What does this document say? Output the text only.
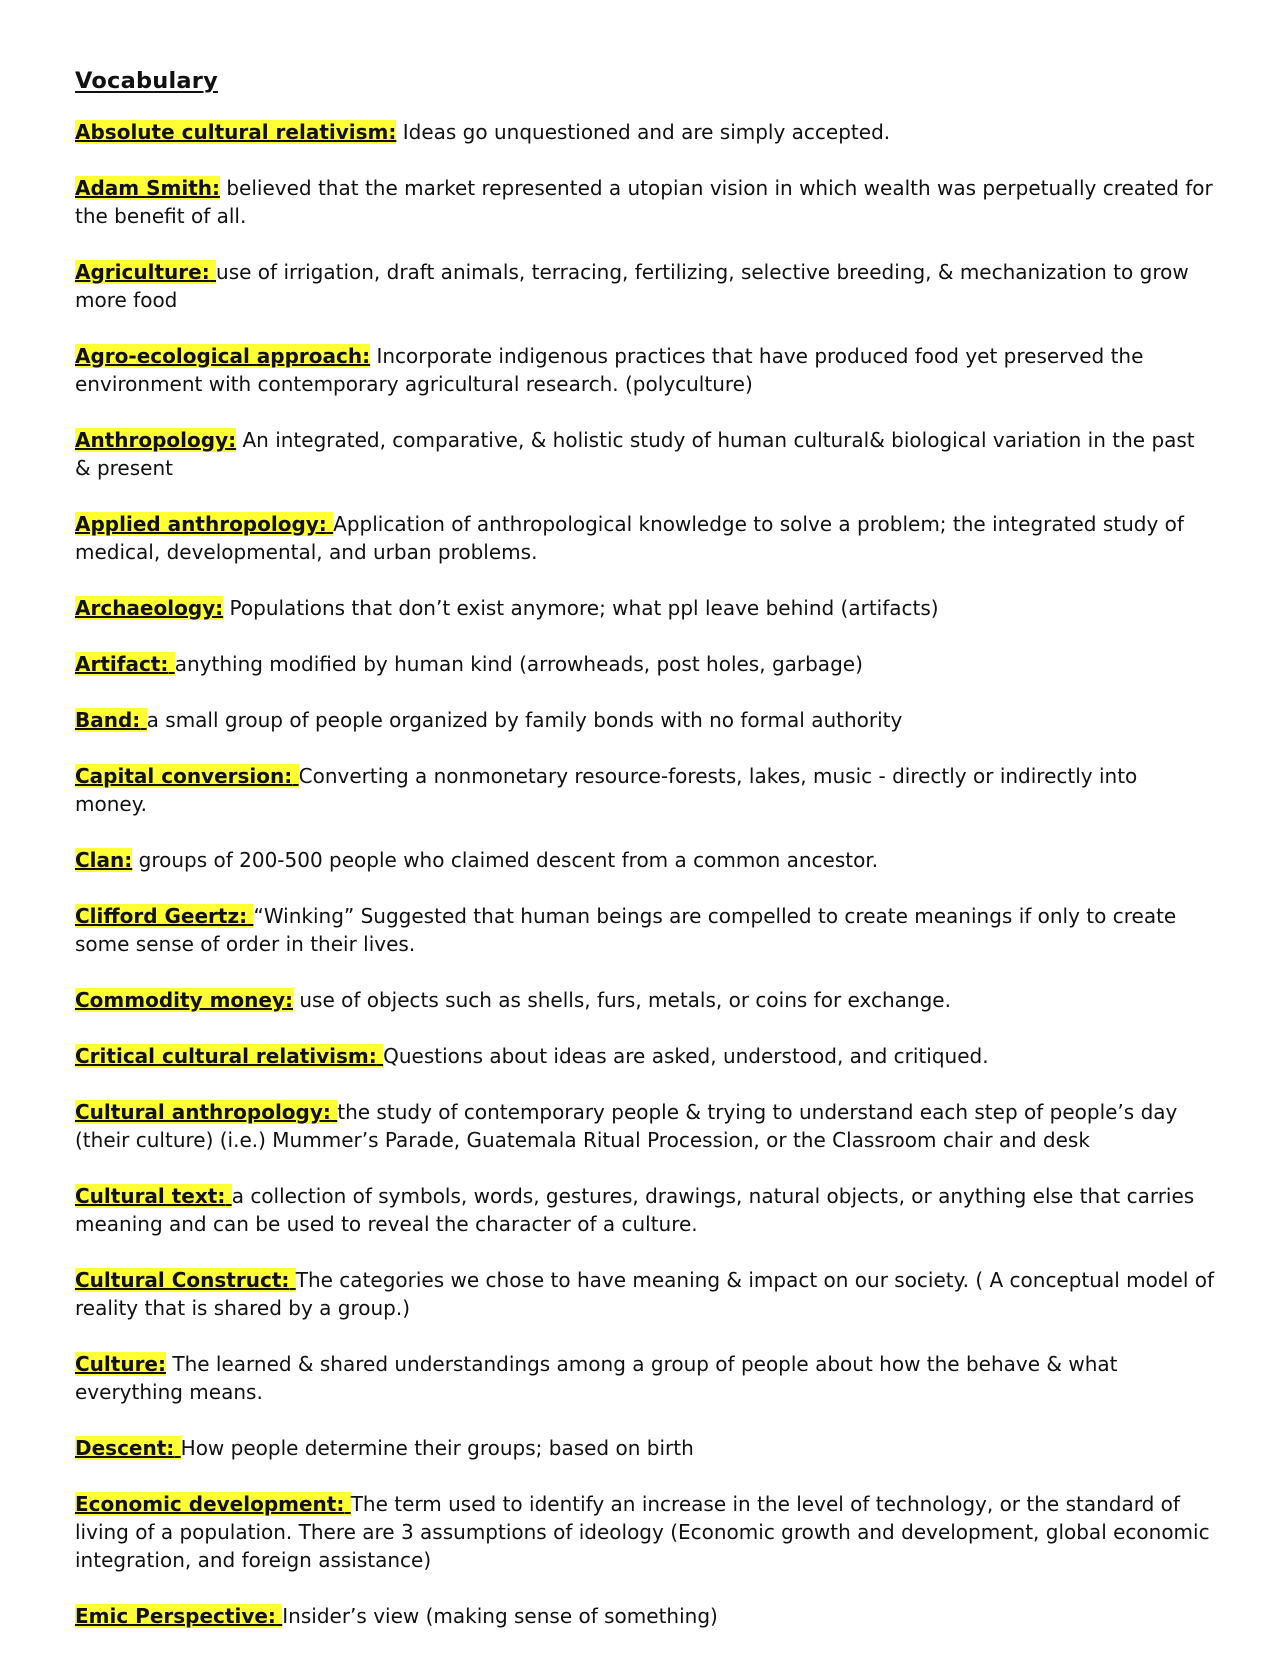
Vocabulary
Absolute cultural relativism: Ideas go unquestioned and are simply accepted.
Adam Smith: believed that the market represented a utopian vision in which wealth was perpetually created for the benefit of all.
Agriculture: use of irrigation, draft animals, terracing, fertilizing, selective breeding, & mechanization to grow more food
Agro-ecological approach: Incorporate indigenous practices that have produced food yet preserved the environment with contemporary agricultural research. (polyculture)
Anthropology: An integrated, comparative, & holistic study of human cultural& biological variation in the past & present
Applied anthropology: Application of anthropological knowledge to solve a problem; the integrated study of medical, developmental, and urban problems.
Archaeology: Populations that don’t exist anymore; what ppl leave behind (artifacts)
Artifact: anything modified by human kind (arrowheads, post holes, garbage)
Band: a small group of people organized by family bonds with no formal authority
Capital conversion: Converting a nonmonetary resource-forests, lakes, music - directly or indirectly into money.
Clan: groups of 200-500 people who claimed descent from a common ancestor.
Clifford Geertz: “Winking” Suggested that human beings are compelled to create meanings if only to create some sense of order in their lives.
Commodity money: use of objects such as shells, furs, metals, or coins for exchange.
Critical cultural relativism: Questions about ideas are asked, understood, and critiqued.
Cultural anthropology: the study of contemporary people & trying to understand each step of people’s day (their culture) (i.e.) Mummer’s Parade, Guatemala Ritual Procession, or the Classroom chair and desk
Cultural text: a collection of symbols, words, gestures, drawings, natural objects, or anything else that carries meaning and can be used to reveal the character of a culture.
Cultural Construct: The categories we chose to have meaning & impact on our society. ( A conceptual model of reality that is shared by a group.)
Culture: The learned & shared understandings among a group of people about how the behave & what everything means.
Descent: How people determine their groups; based on birth
Economic development: The term used to identify an increase in the level of technology, or the standard of living of a population. There are 3 assumptions of ideology (Economic growth and development, global economic integration, and foreign assistance)
Emic Perspective: Insider’s view (making sense of something)
